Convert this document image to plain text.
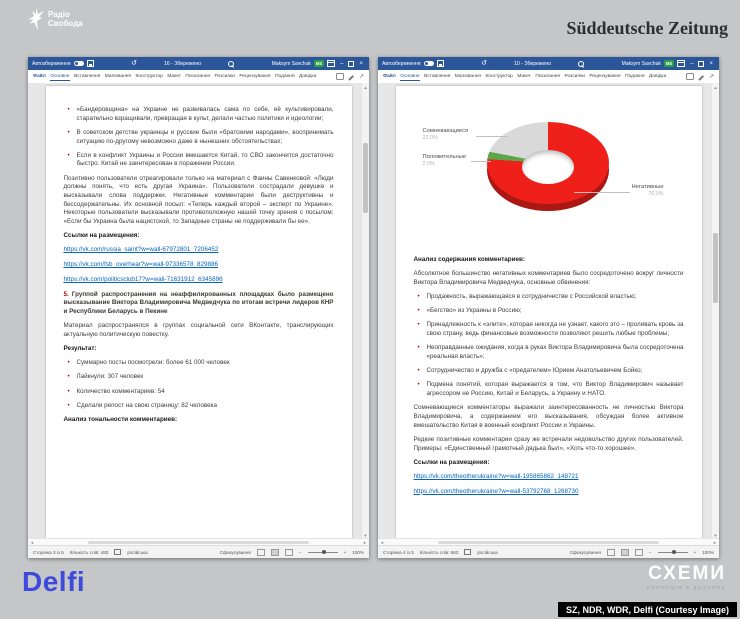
Радіо
Свобода	Süddeutsche Zeitung
Автозбереження	↺	16 - Збережено	Maksym Savchuk	MS	–	×
Файл Основне Вставлення Малювання Конструктор Макет Посилання Розсилки Рецензування Подання Довідка	↗
• «Бандеровщина» на Украине не развивалась сама по себе, её культивировали, старательно взращивали, превращая в культ, делали частью политики и идеологии;
• В советском детстве украинцы и русские были «братскими народами», воспринимать ситуацию по-другому невозможно даже в нынешних обстоятельствах;
• Если в конфликт Украины и России вмешается Китай, то СВО закончится достаточно быстро. Китай не заинтересован в поражении России.

Позитивно пользователи отреагировали только на материал с Фаины Савенковой: «Люди должны понять, что есть другая Украина». Пользователи сострадали девушке и высказывали слова поддержки. Негативные комментарии были деструктивны и бессодержательны. Их основной посыл: «Теперь каждый второй – эксперт по Украине». Некоторые пользователи высказывали противоположную нашей точку зрения с посылом: «Если бы Украина была нацистской, то Западные страны не поддерживали бы ее».

Ссылки на размещения:

https://vk.com/russia_saint?w=wall-67972801_7206452
https://vk.com/fsb_overhear?w=wall-97336578_829886
https://vk.com/politicsclub17?w=wall-71631912_6345896

5. Группой распространения на неаффилированных площадках было размещено высказывание Виктора Владимировича Медведчука по итогам встречи лидеров КНР и Республики Беларусь в Пекине

Материал распространялся в группах социальной сети ВКонтакте, транслирующих актуальную политическую повестку.

Результат:

• Суммарно посты посмотрели: более 61 000 человек
• Лайкнули: 307 человек
• Количество комментариев: 54
• Сделали репост на свою страницу: 82 человека

Анализ тональности комментариев:

▲
▼
◄	►
Сторінка 3 із 5 Кількість слів: 483	російська	Сфокусування	−	+ 100%
Автозбереження	↺	10 - Збережено	Maksym Savchuk	MS	–	×
Файл Основне Вставлення Малювання Конструктор Макет Посилання Розсилки Рецензування Подання Довідка	↗
Сомневающиеся
22.0%
Положительные
2.0%
Негативные
76.0%

Анализ содержания комментариев:

Абсолютное большинство негативных комментариев было сосредоточено вокруг личности Виктора Владимировича Медведчука, основные обвинения:

• Продажность, выражающаяся в сотрудничестве с Российской властью;
• «Бегство» из Украины в Россию;
• Принадлежность к «элите», которая никогда не узнает, какого это – проливать кровь за свою страну, ведь финансовые возможности позволяют решить любые проблемы;
• Неоправданные ожидания, когда в руках Виктора Владимировича была сосредоточена «реальная власть»;
• Сотрудничество и дружба с «предателем» Юрием Анатольевичем Бойко;
• Подмена понятий, которая выражается в том, что Виктор Владимирович называет агрессором не Россию, Китай и Беларусь, а Украину и НАТО.

Сомневающиеся комментаторы выражали заинтересованность не личностью Виктора Владимировича, а содержанием его высказывания, обсуждая более активное вмешательство Китая в военный конфликт России и Украины.

Редкие позитивные комментарии сразу же встречали недовольство других пользователей. Примеры: «Единственный грамотный дядька был», «Хоть что-то хорошее».

Ссылки на размещения:

https://vk.com/theotherukraine?w=wall-195865862_148721
https://vk.com/theotherukraine?w=wall-53792768_1268730
▲
▼
◄	►
Сторінка 4 із 5 Кількість слів: 663	російська	Сфокусування	−	+ 100%
Delfi	СХЕМИ
КОРУПЦІЯ В ДЕТАЛЯХ
SZ, NDR, WDR, Delfi (Courtesy Image)
